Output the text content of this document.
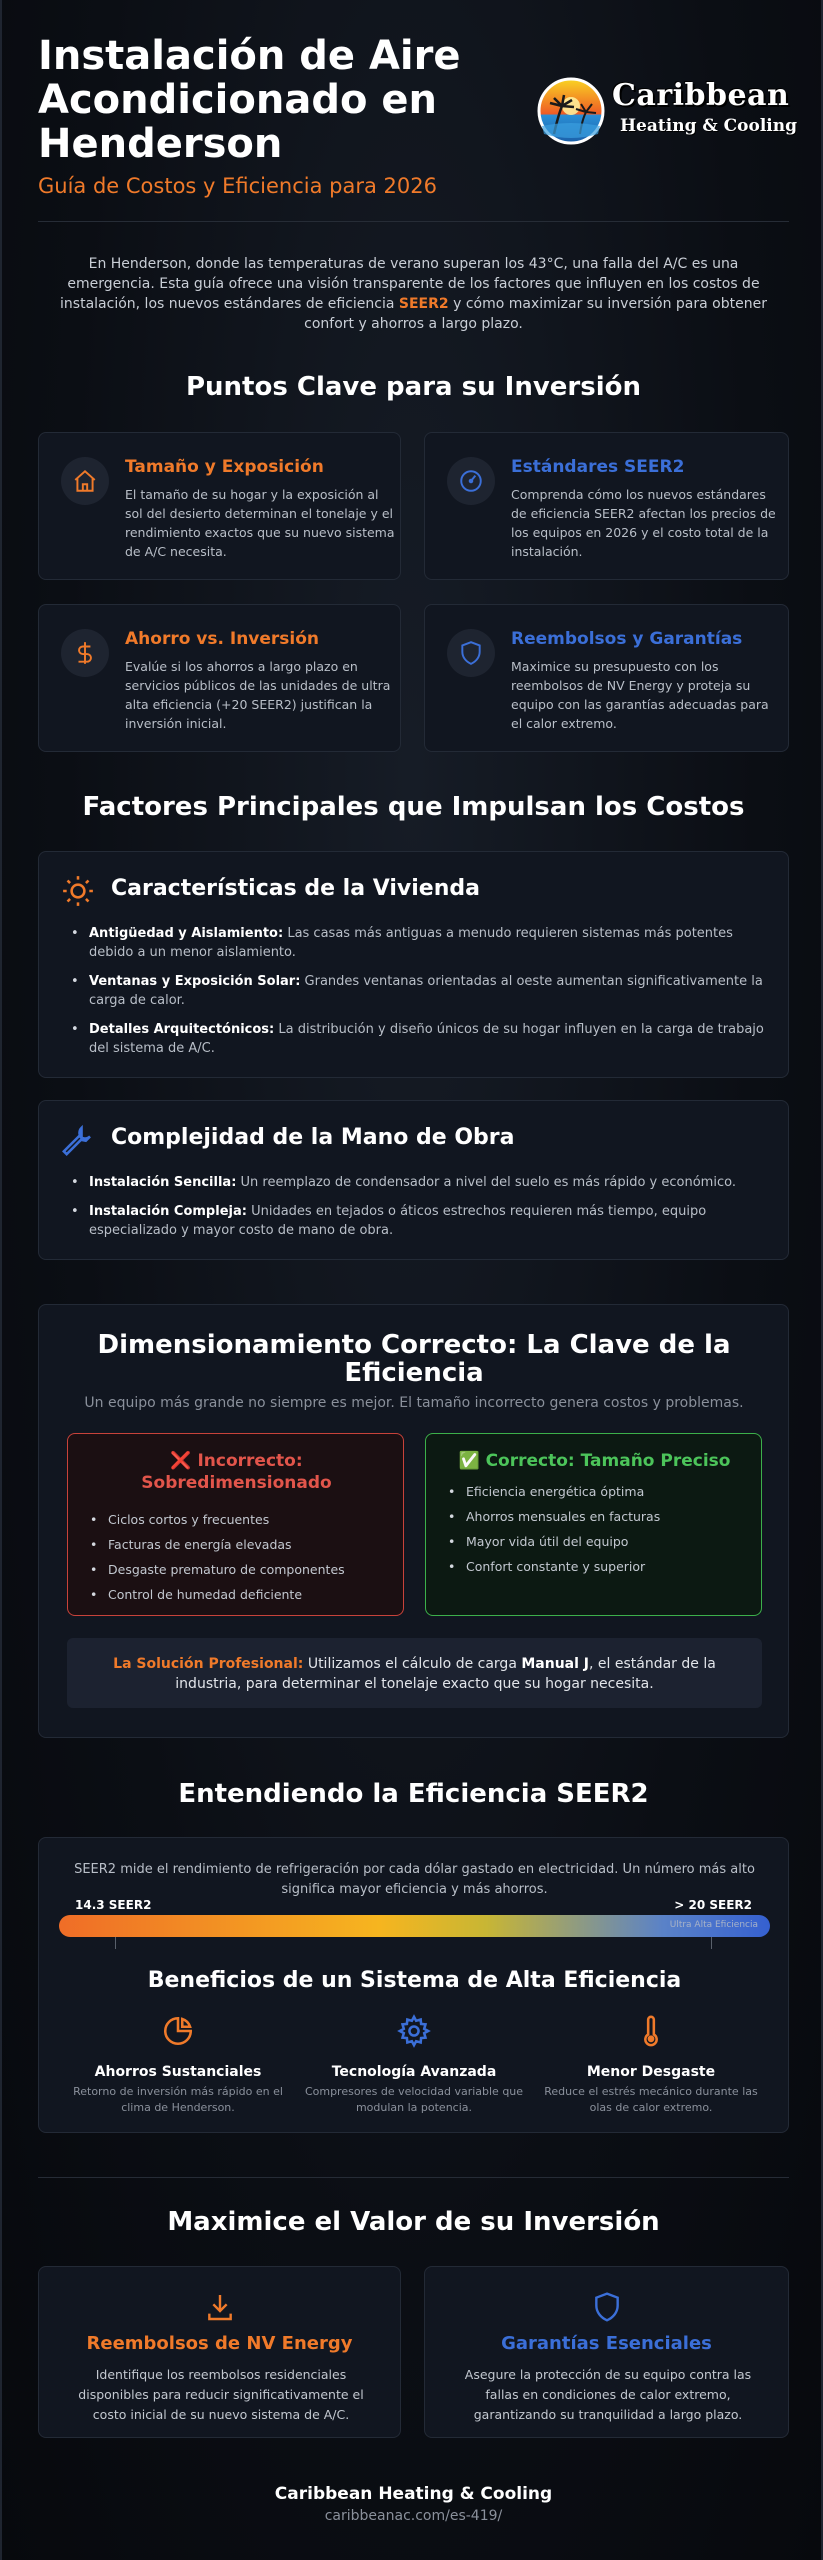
Instalación de Aire Acondicionado en Henderson
Guía de Costos y Eficiencia para 2026
Caribbean
Heating & Cooling
En Henderson, donde las temperaturas de verano superan los 43°C, una falla del A/C es una emergencia. Esta guía ofrece una visión transparente de los factores que influyen en los costos de instalación, los nuevos estándares de eficiencia SEER2 y cómo maximizar su inversión para obtener confort y ahorros a largo plazo.
Puntos Clave para su Inversión
Tamaño y Exposición
El tamaño de su hogar y la exposición al sol del desierto determinan el tonelaje y el rendimiento exactos que su nuevo sistema de A/C necesita.
Estándares SEER2
Comprenda cómo los nuevos estándares de eficiencia SEER2 afectan los precios de los equipos en 2026 y el costo total de la instalación.
Ahorro vs. Inversión
Evalúe si los ahorros a largo plazo en servicios públicos de las unidades de ultra alta eficiencia (+20 SEER2) justifican la inversión inicial.
Reembolsos y Garantías
Maximice su presupuesto con los reembolsos de NV Energy y proteja su equipo con las garantías adecuadas para el calor extremo.
Factores Principales que Impulsan los Costos
Características de la Vivienda
• Antigüedad y Aislamiento: Las casas más antiguas a menudo requieren sistemas más potentes debido a un menor aislamiento.
• Ventanas y Exposición Solar: Grandes ventanas orientadas al oeste aumentan significativamente la carga de calor.
• Detalles Arquitectónicos: La distribución y diseño únicos de su hogar influyen en la carga de trabajo del sistema de A/C.
Complejidad de la Mano de Obra
• Instalación Sencilla: Un reemplazo de condensador a nivel del suelo es más rápido y económico.
• Instalación Compleja: Unidades en tejados o áticos estrechos requieren más tiempo, equipo especializado y mayor costo de mano de obra.
Dimensionamiento Correcto: La Clave de la Eficiencia
Un equipo más grande no siempre es mejor. El tamaño incorrecto genera costos y problemas.
❌ Incorrecto: Sobredimensionado
• Ciclos cortos y frecuentes
• Facturas de energía elevadas
• Desgaste prematuro de componentes
• Control de humedad deficiente
✅ Correcto: Tamaño Preciso
• Eficiencia energética óptima
• Ahorros mensuales en facturas
• Mayor vida útil del equipo
• Confort constante y superior
La Solución Profesional: Utilizamos el cálculo de carga Manual J, el estándar de la industria, para determinar el tonelaje exacto que su hogar necesita.
Entendiendo la Eficiencia SEER2
SEER2 mide el rendimiento de refrigeración por cada dólar gastado en electricidad. Un número más alto significa mayor eficiencia y más ahorros.
14.3 SEER2	> 20 SEER2
Ultra Alta Eficiencia
Beneficios de un Sistema de Alta Eficiencia
Ahorros Sustanciales
Retorno de inversión más rápido en el clima de Henderson.
Tecnología Avanzada
Compresores de velocidad variable que modulan la potencia.
Menor Desgaste
Reduce el estrés mecánico durante las olas de calor extremo.
Maximice el Valor de su Inversión
Reembolsos de NV Energy
Identifique los reembolsos residenciales disponibles para reducir significativamente el costo inicial de su nuevo sistema de A/C.
Garantías Esenciales
Asegure la protección de su equipo contra las fallas en condiciones de calor extremo, garantizando su tranquilidad a largo plazo.
Caribbean Heating & Cooling
caribbeanac.com/es-419/
